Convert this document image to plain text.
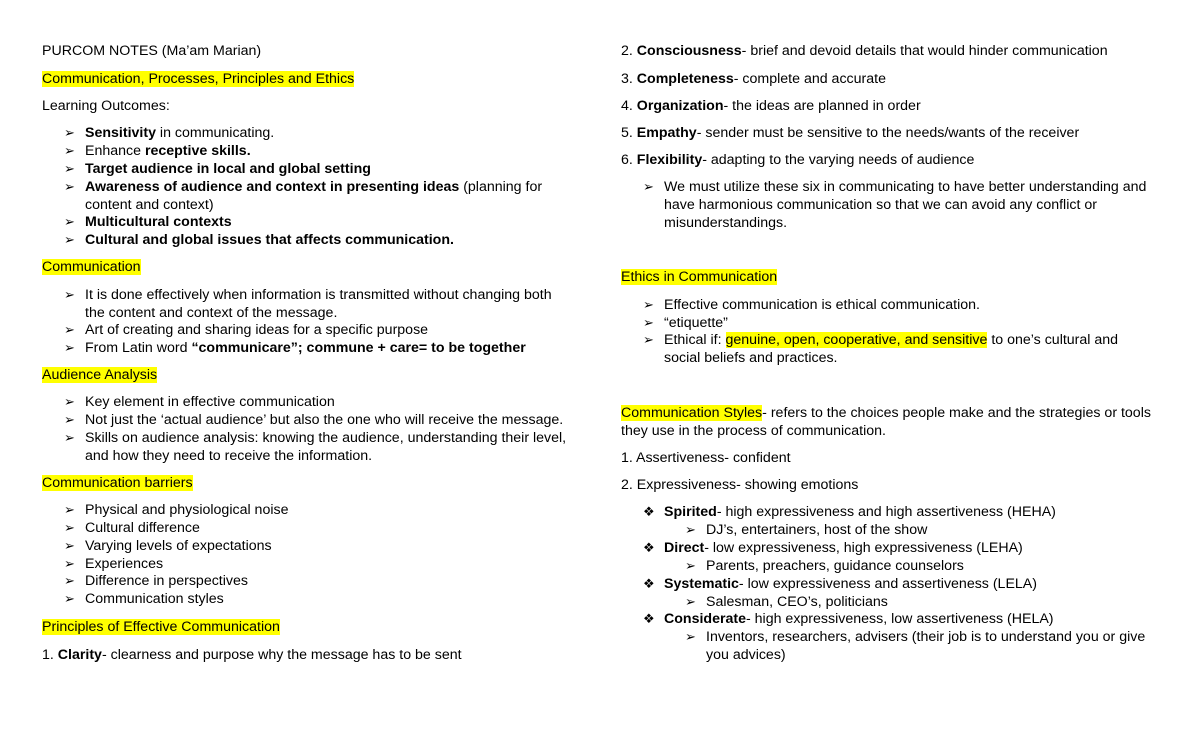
PURCOM NOTES (Ma’am Marian)
Communication, Processes, Principles and Ethics
Learning Outcomes:
➢ Sensitivity in communicating.
➢ Enhance receptive skills.
➢ Target audience in local and global setting
➢ Awareness of audience and context in presenting ideas (planning for
content and context)
➢ Multicultural contexts
➢ Cultural and global issues that affects communication.
Communication
➢ It is done effectively when information is transmitted without changing both
the content and context of the message.
➢ Art of creating and sharing ideas for a specific purpose
➢ From Latin word “communicare”; commune + care= to be together
Audience Analysis
➢ Key element in effective communication
➢ Not just the ‘actual audience’ but also the one who will receive the message.
➢ Skills on audience analysis: knowing the audience, understanding their level,
and how they need to receive the information.
Communication barriers
➢ Physical and physiological noise
➢ Cultural difference
➢ Varying levels of expectations
➢ Experiences
➢ Difference in perspectives
➢ Communication styles
Principles of Effective Communication
1. Clarity- clearness and purpose why the message has to be sent
2. Consciousness- brief and devoid details that would hinder communication
3. Completeness- complete and accurate
4. Organization- the ideas are planned in order
5. Empathy- sender must be sensitive to the needs/wants of the receiver
6. Flexibility- adapting to the varying needs of audience
➢ We must utilize these six in communicating to have better understanding and
have harmonious communication so that we can avoid any conflict or
misunderstandings.
Ethics in Communication
➢ Effective communication is ethical communication.
➢ “etiquette”
➢ Ethical if: genuine, open, cooperative, and sensitive to one’s cultural and
social beliefs and practices.
Communication Styles- refers to the choices people make and the strategies or tools
they use in the process of communication.
1. Assertiveness- confident
2. Expressiveness- showing emotions
❖ Spirited- high expressiveness and high assertiveness (HEHA)
➢ DJ’s, entertainers, host of the show
❖ Direct- low expressiveness, high expressiveness (LEHA)
➢ Parents, preachers, guidance counselors
❖ Systematic- low expressiveness and assertiveness (LELA)
➢ Salesman, CEO’s, politicians
❖ Considerate- high expressiveness, low assertiveness (HELA)
➢ Inventors, researchers, advisers (their job is to understand you or give
you advices)
